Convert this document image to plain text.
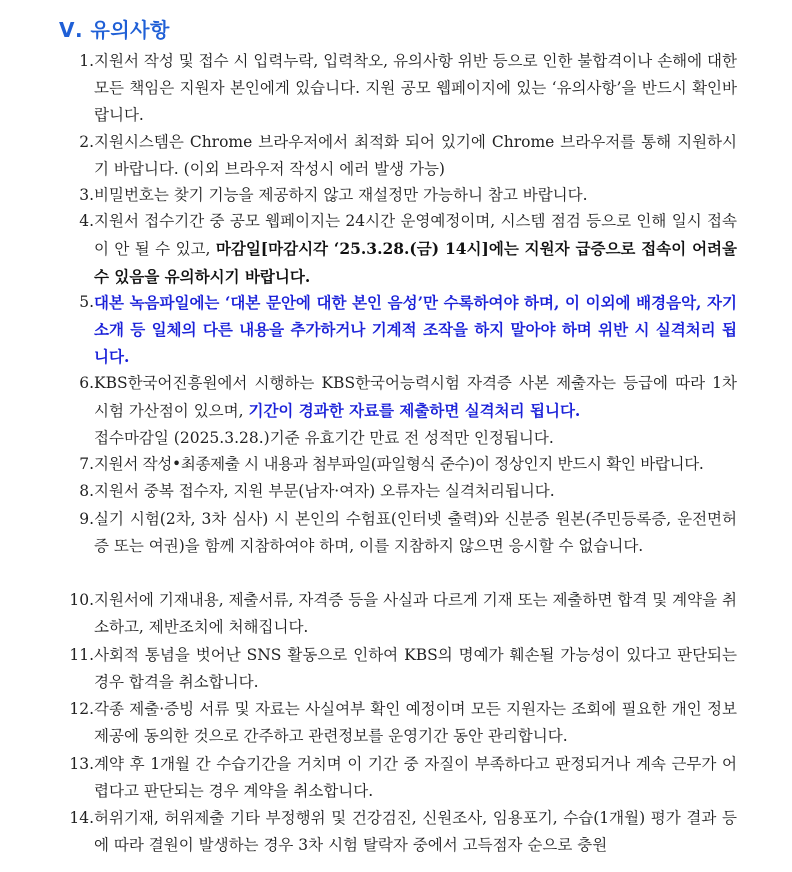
Ⅴ. 유의사항
1. 지원서 작성 및 접수 시 입력누락, 입력착오, 유의사항 위반 등으로 인한 불합격이나 손해에 대한 모든 책임은 지원자 본인에게 있습니다. 지원 공모 웹페이지에 있는 ‘유의사항’을 반드시 확인바랍니다.
2. 지원시스템은 Chrome 브라우저에서 최적화 되어 있기에 Chrome 브라우저를 통해 지원하시기 바랍니다. (이외 브라우저 작성시 에러 발생 가능)
3. 비밀번호는 찾기 기능을 제공하지 않고 재설정만 가능하니 참고 바랍니다.
4. 지원서 접수기간 중 공모 웹페이지는 24시간 운영예정이며, 시스템 점검 등으로 인해 일시 접속이 안 될 수 있고, 마감일[마감시각 ‘25.3.28.(금) 14시]에는 지원자 급증으로 접속이 어려울 수 있음을 유의하시기 바랍니다.
5. 대본 녹음파일에는 ‘대본 문안에 대한 본인 음성’만 수록하여야 하며, 이 이외에 배경음악, 자기소개 등 일체의 다른 내용을 추가하거나 기계적 조작을 하지 말아야 하며 위반 시 실격처리 됩니다.
6. KBS한국어진흥원에서 시행하는 KBS한국어능력시험 자격증 사본 제출자는 등급에 따라 1차 시험 가산점이 있으며, 기간이 경과한 자료를 제출하면 실격처리 됩니다.
접수마감일 (2025.3.28.)기준 유효기간 만료 전 성적만 인정됩니다.
7. 지원서 작성•최종제출 시 내용과 첨부파일(파일형식 준수)이 정상인지 반드시 확인 바랍니다.
8. 지원서 중복 접수자, 지원 부문(남자·여자) 오류자는 실격처리됩니다.
9. 실기 시험(2차, 3차 심사) 시 본인의 수험표(인터넷 출력)와 신분증 원본(주민등록증, 운전면허증 또는 여권)을 함께 지참하여야 하며, 이를 지참하지 않으면 응시할 수 없습니다.
10. 지원서에 기재내용, 제출서류, 자격증 등을 사실과 다르게 기재 또는 제출하면 합격 및 계약을 취소하고, 제반조치에 처해집니다.
11. 사회적 통념을 벗어난 SNS 활동으로 인하여 KBS의 명예가 훼손될 가능성이 있다고 판단되는 경우 합격을 취소합니다.
12. 각종 제출·증빙 서류 및 자료는 사실여부 확인 예정이며 모든 지원자는 조회에 필요한 개인 정보제공에 동의한 것으로 간주하고 관련정보를 운영기간 동안 관리합니다.
13. 계약 후 1개월 간 수습기간을 거치며 이 기간 중 자질이 부족하다고 판정되거나 계속 근무가 어렵다고 판단되는 경우 계약을 취소합니다.
14. 허위기재, 허위제출 기타 부정행위 및 건강검진, 신원조사, 임용포기, 수습(1개월) 평가 결과 등에 따라 결원이 발생하는 경우 3차 시험 탈락자 중에서 고득점자 순으로 충원
